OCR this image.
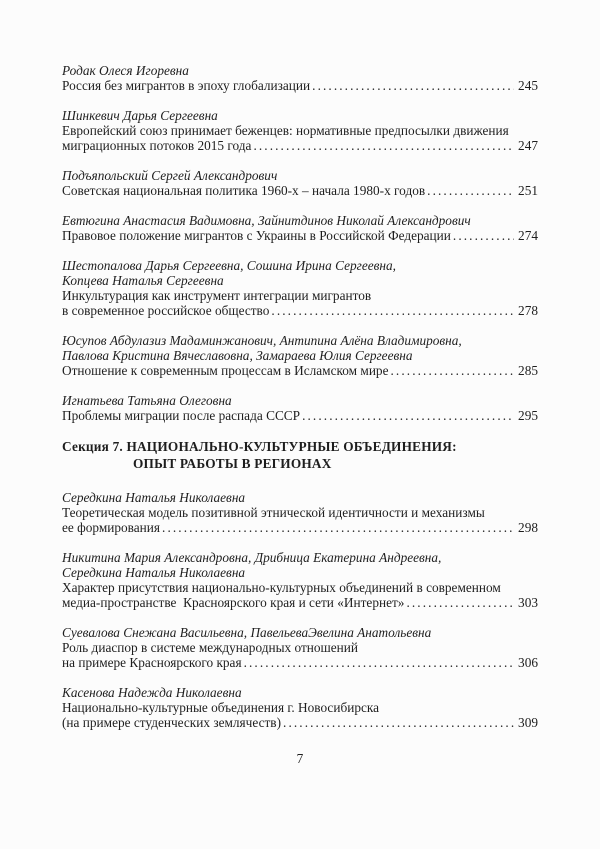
Родак Олеся Игоревна
Россия без мигрантов в эпоху глобализации .....	245
Шинкевич Дарья Сергеевна
Европейский союз принимает беженцев: нормативные предпосылки движения
миграционных потоков 2015 года .....	247
Подъяпольский Сергей Александрович
Советская национальная политика 1960-х – начала 1980-х годов .....	251
Евтюгина Анастасия Вадимовна, Зайнитдинов Николай Александрович
Правовое положение мигрантов с Украины в Российской Федерации .....	274
Шестопалова Дарья Сергеевна, Сошина Ирина Сергеевна,
Копцева Наталья Сергеевна
Инкультурация как инструмент интеграции мигрантов
в современное российское общество .....	278
Юсупов Абдулазиз Мадаминжанович, Антипина Алёна Владимировна,
Павлова Кристина Вячеславовна, Замараева Юлия Сергеевна
Отношение к современным процессам в Исламском мире .....	285
Игнатьева Татьяна Олеговна
Проблемы миграции после распада СССР .....	295
Секция 7. НАЦИОНАЛЬНО-КУЛЬТУРНЫЕ ОБЪЕДИНЕНИЯ:
ОПЫТ РАБОТЫ В РЕГИОНАХ
Середкина Наталья Николаевна
Теоретическая модель позитивной этнической идентичности и механизмы
ее формирования .....	298
Никитина Мария Александровна, Дрибница Екатерина Андреевна,
Середкина Наталья Николаевна
Характер присутствия национально-культурных объединений в современном
медиа-пространстве  Красноярского края и сети «Интернет» .....	303
Суевалова Снежана Васильевна, ПавельеваЭвелина Анатольевна
Роль диаспор в системе международных отношений
на примере Красноярского края .....	306
Касенова Надежда Николаевна
Национально-культурные объединения г. Новосибирска
(на примере студенческих землячеств) .....	309
7
